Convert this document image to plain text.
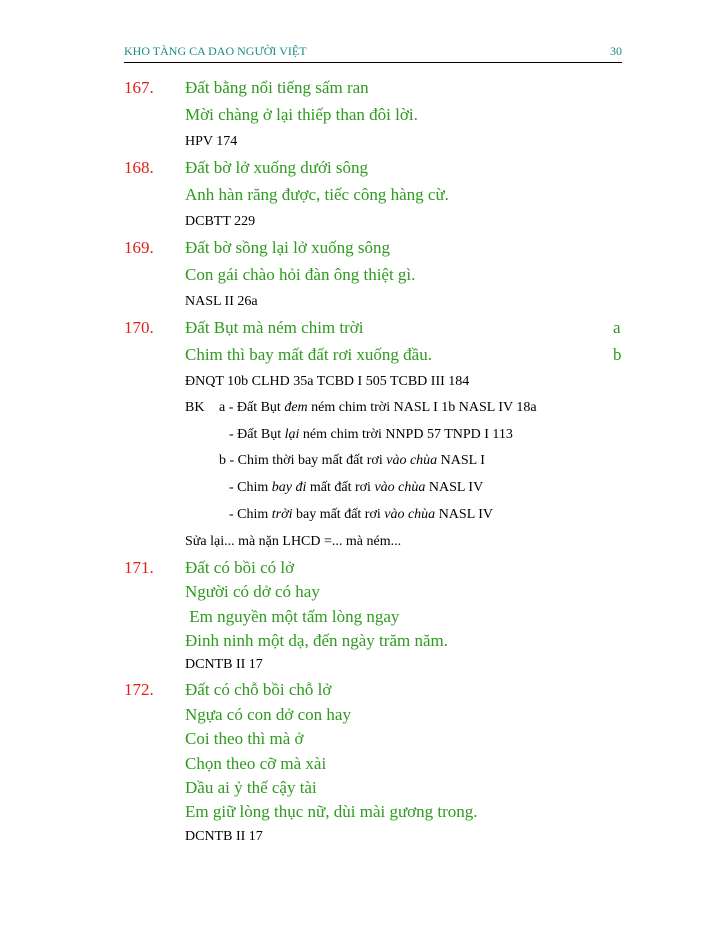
KHO TÀNG CA DAO NGƯỜI VIỆT	30
167. Đất bằng nổi tiếng sấm ran
Mời chàng ở lại thiếp than đôi lời.
HPV 174
168. Đất bờ lở xuống dưới sông
Anh hàn răng được, tiếc công hàng cừ.
DCBTT 229
169. Đất bờ sồng lại lở xuống sông
Con gái chào hỏi đàn ông thiệt gì.
NASL II 26a
170. Đất Bụt mà ném chim trời	a
Chim thì bay mất đất rơi xuống đầu.	b
ĐNQT 10b CLHD 35a TCBD I 505 TCBD III 184
BK a - Đất Bụt đem ném chim trời NASL I 1b NASL IV 18a
- Đất Bụt lại ném chim trời NNPD 57 TNPD I 113
b - Chim thời bay mất đất rơi vào chùa NASL I
- Chim bay đi mất đất rơi vào chùa NASL IV
- Chim trời bay mất đất rơi vào chùa NASL IV
Sửa lại... mà nặn LHCD =... mà ném...
171. Đất có bồi có lở
Người có dở có hay
Em nguyền một tấm lòng ngay
Đinh ninh một dạ, đến ngày trăm năm.
DCNTB II 17
172. Đất có chỗ bồi chỗ lở
Ngựa có con dở con hay
Coi theo thì mà ở
Chọn theo cỡ mà xài
Dầu ai ỷ thế cậy tài
Em giữ lòng thục nữ, dùi mài gương trong.
DCNTB II 17
